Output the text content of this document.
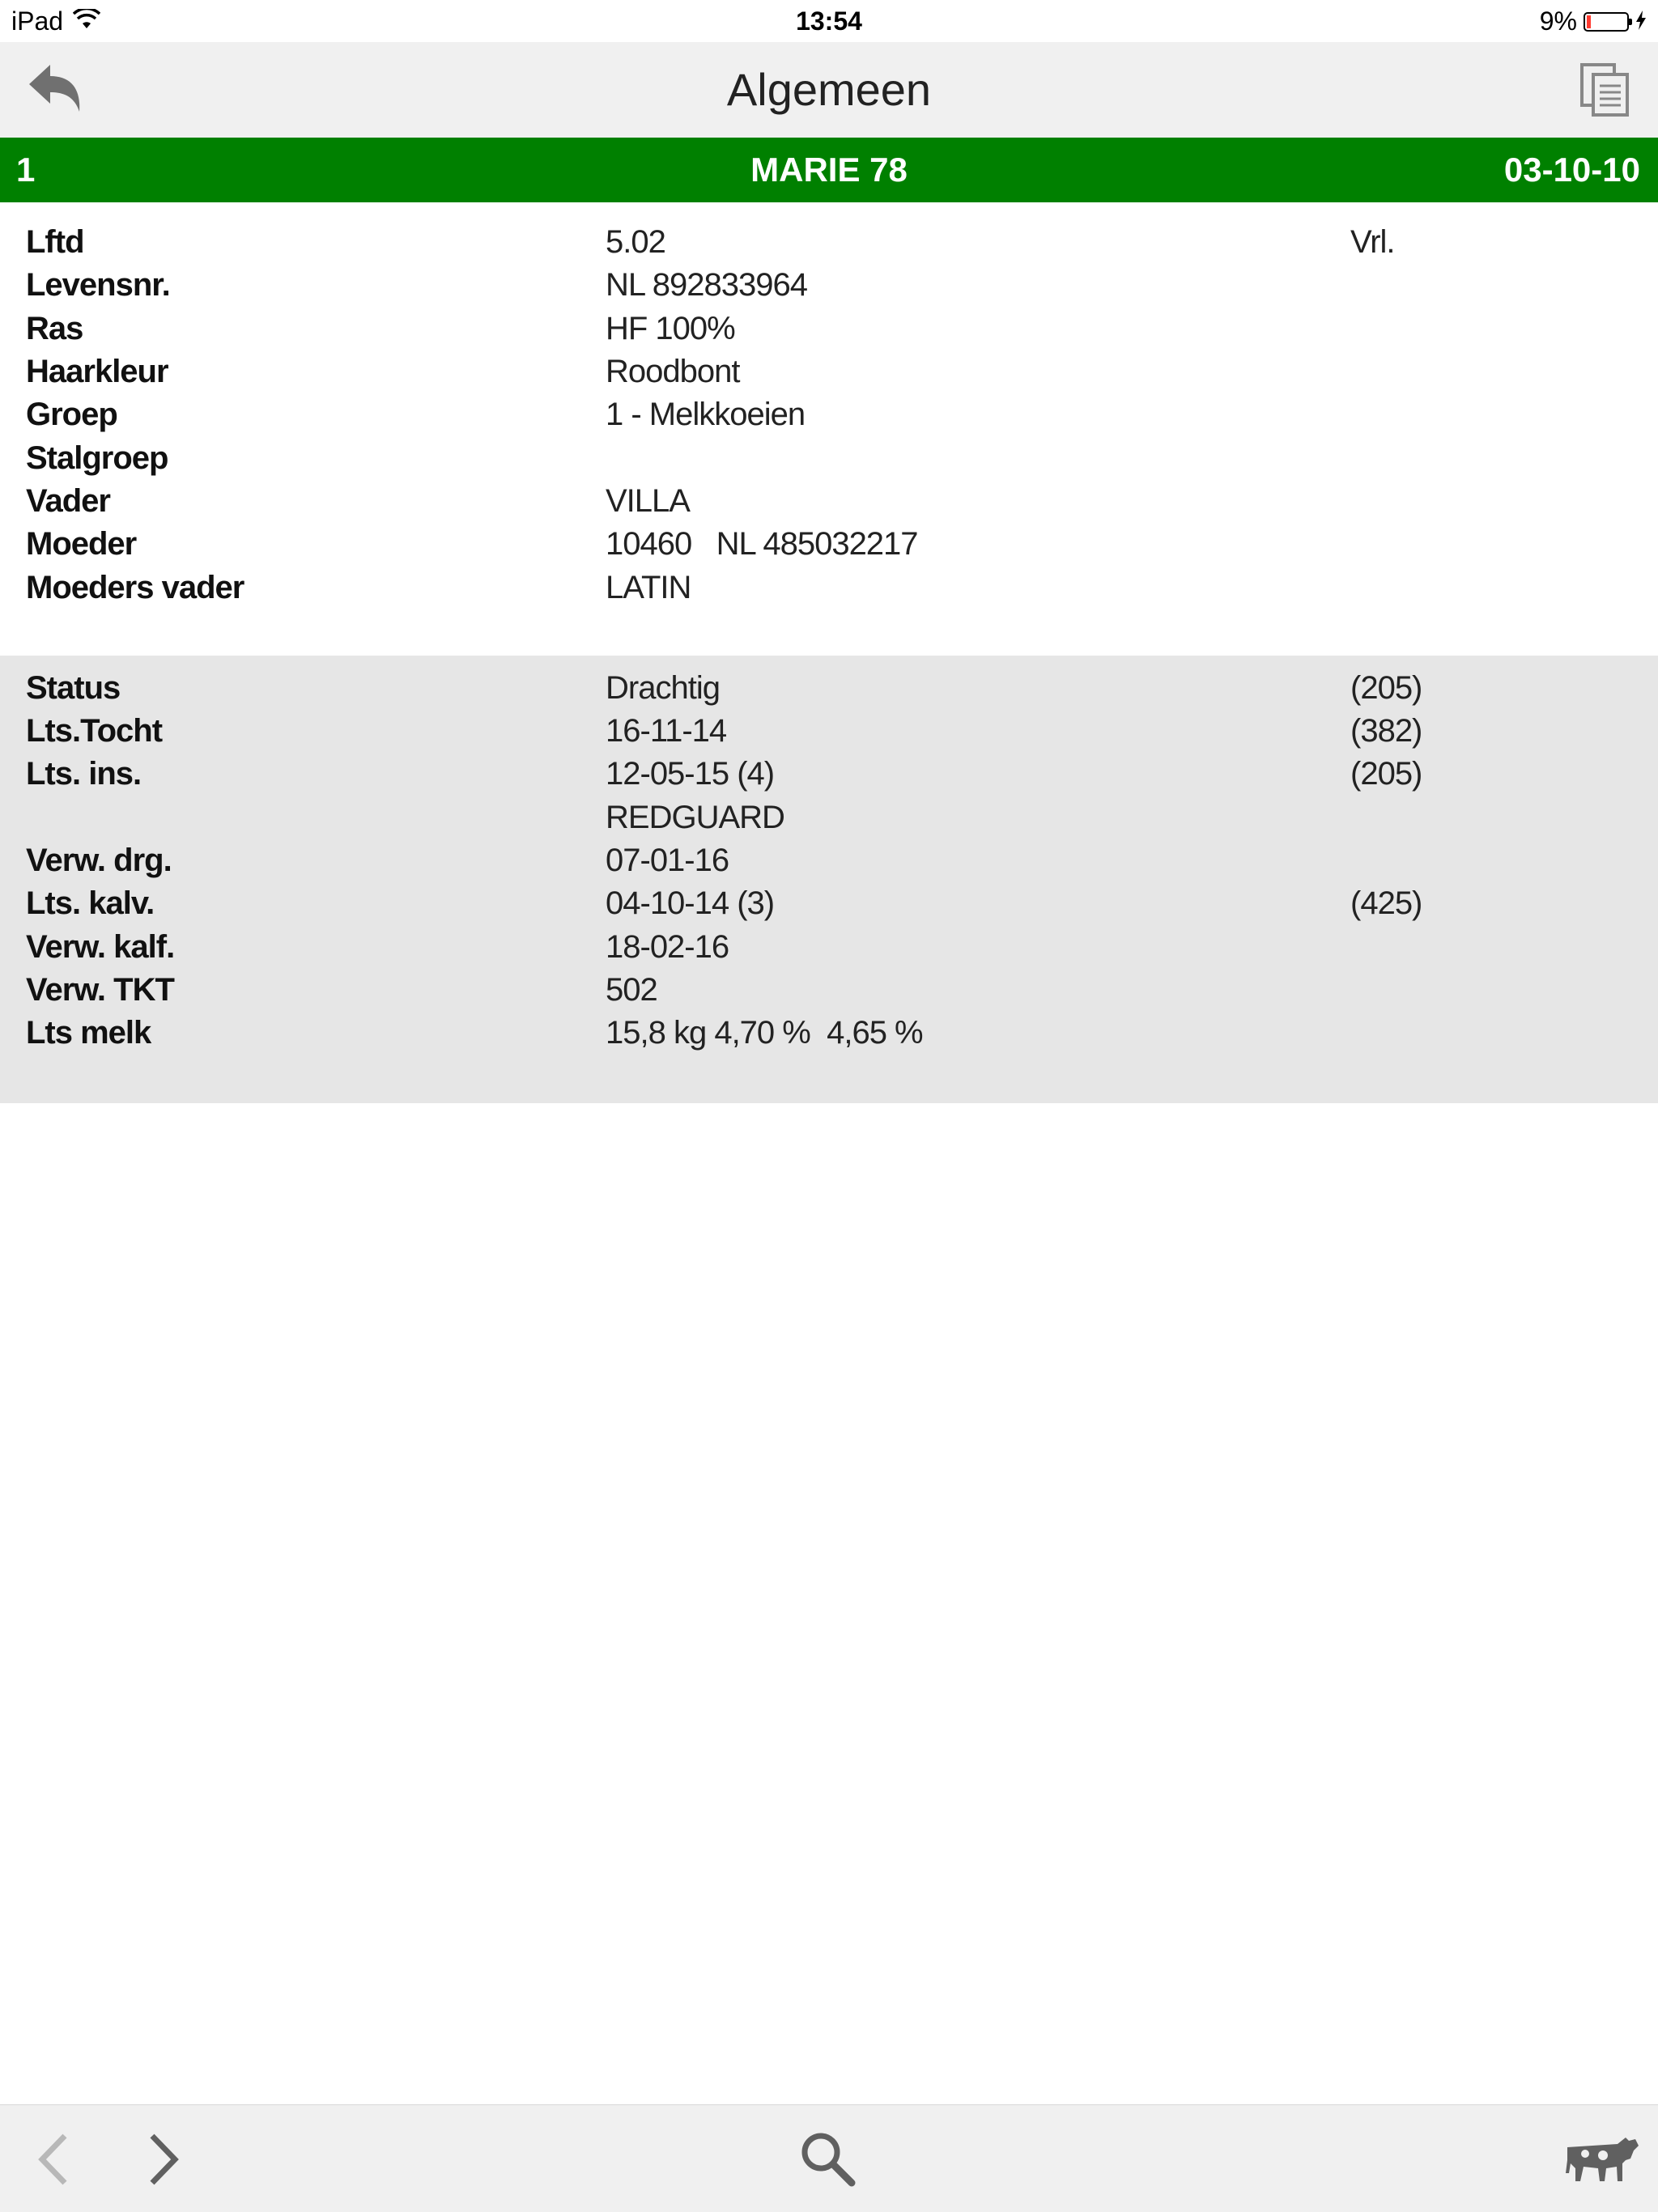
iPad	13:54	9%
Algemeen
1	MARIE 78	03-10-10
Lftd	5.02	Vrl.
Levensnr.	NL 892833964
Ras	HF 100%
Haarkleur	Roodbont
Groep	1 - Melkkoeien
Stalgroep
Vader	VILLA
Moeder	10460   NL 485032217
Moeders vader	LATIN
Status	Drachtig	(205)
Lts.Tocht	16-11-14	(382)
Lts. ins.	12-05-15 (4)	(205)
REDGUARD
Verw. drg.	07-01-16
Lts. kalv.	04-10-14 (3)	(425)
Verw. kalf.	18-02-16
Verw. TKT	502
Lts melk	15,8 kg 4,70 %  4,65 %
